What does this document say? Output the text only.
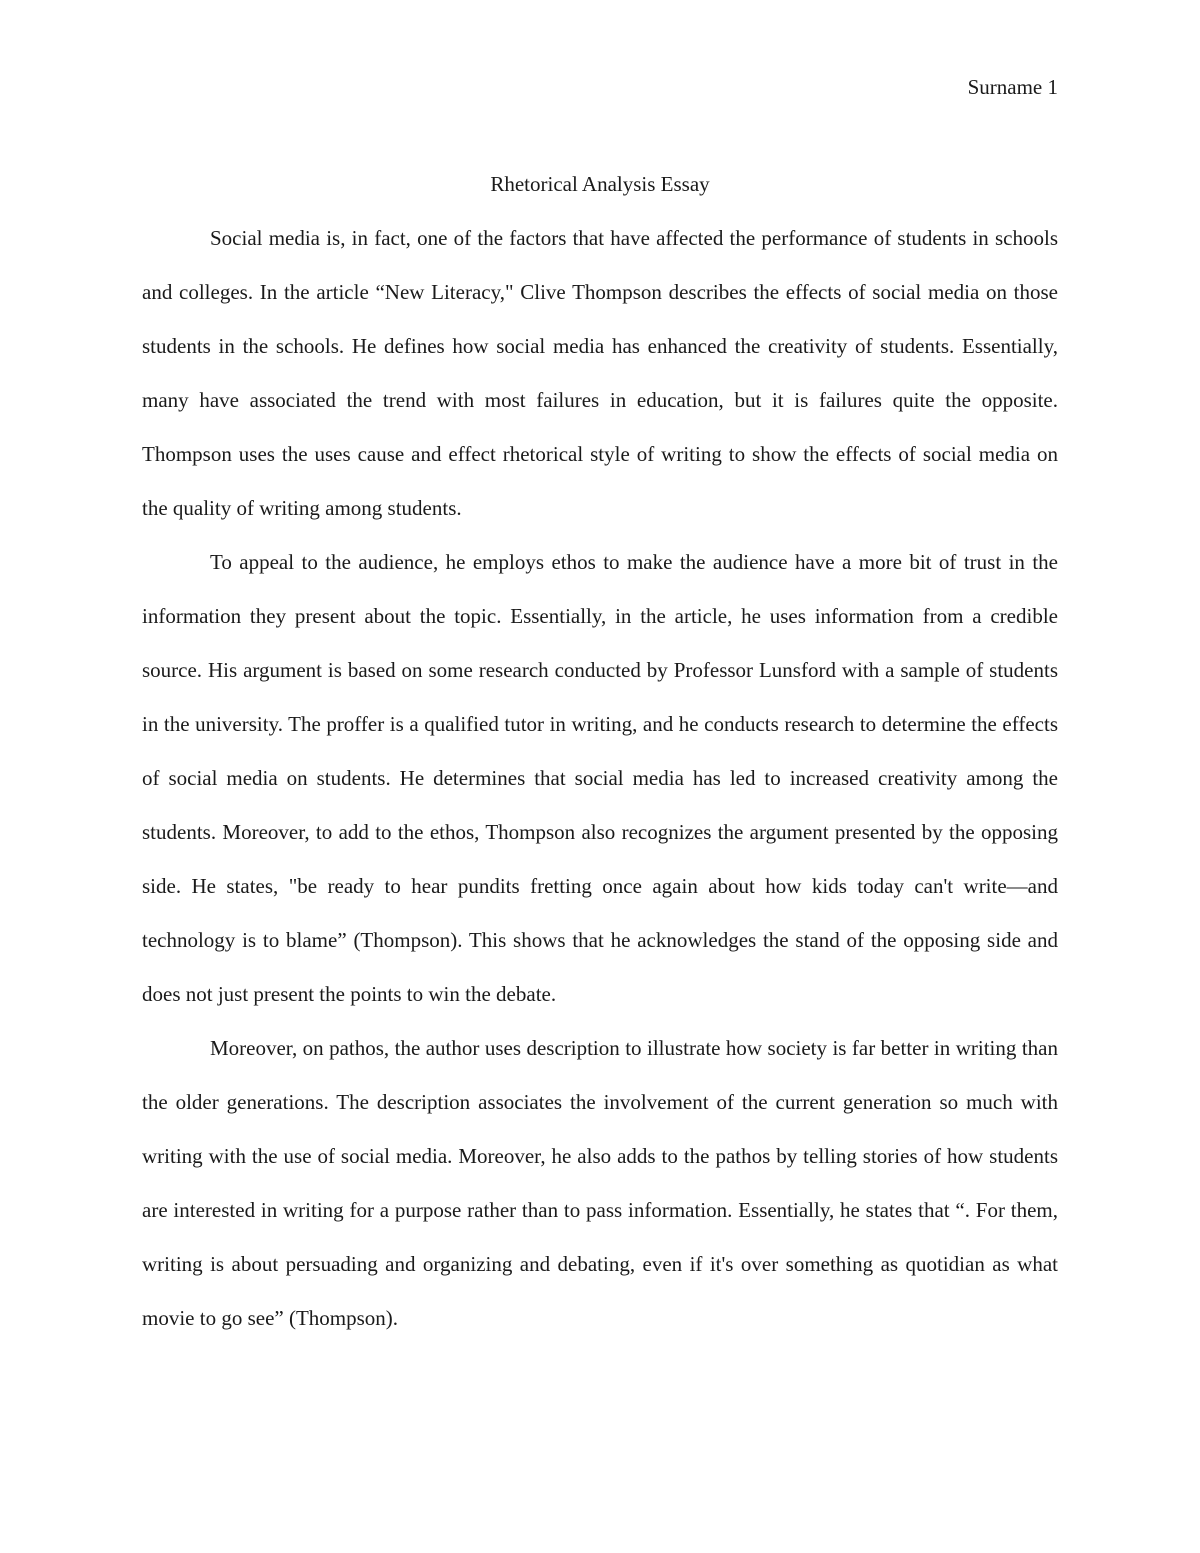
Surname 1
Rhetorical Analysis Essay

Social media is, in fact, one of the factors that have affected the performance of students in schools and colleges. In the article “New Literacy," Clive Thompson describes the effects of social media on those students in the schools. He defines how social media has enhanced the creativity of students. Essentially, many have associated the trend with most failures in education, but it is failures quite the opposite. Thompson uses the uses cause and effect rhetorical style of writing to show the effects of social media on the quality of writing among students.

To appeal to the audience, he employs ethos to make the audience have a more bit of trust in the information they present about the topic. Essentially, in the article, he uses information from a credible source. His argument is based on some research conducted by Professor Lunsford with a sample of students in the university. The proffer is a qualified tutor in writing, and he conducts research to determine the effects of social media on students. He determines that social media has led to increased creativity among the students. Moreover, to add to the ethos, Thompson also recognizes the argument presented by the opposing side. He states, "be ready to hear pundits fretting once again about how kids today can't write—and technology is to blame” (Thompson). This shows that he acknowledges the stand of the opposing side and does not just present the points to win the debate.

Moreover, on pathos, the author uses description to illustrate how society is far better in writing than the older generations. The description associates the involvement of the current generation so much with writing with the use of social media. Moreover, he also adds to the pathos by telling stories of how students are interested in writing for a purpose rather than to pass information. Essentially, he states that “. For them, writing is about persuading and organizing and debating, even if it's over something as quotidian as what movie to go see” (Thompson).
